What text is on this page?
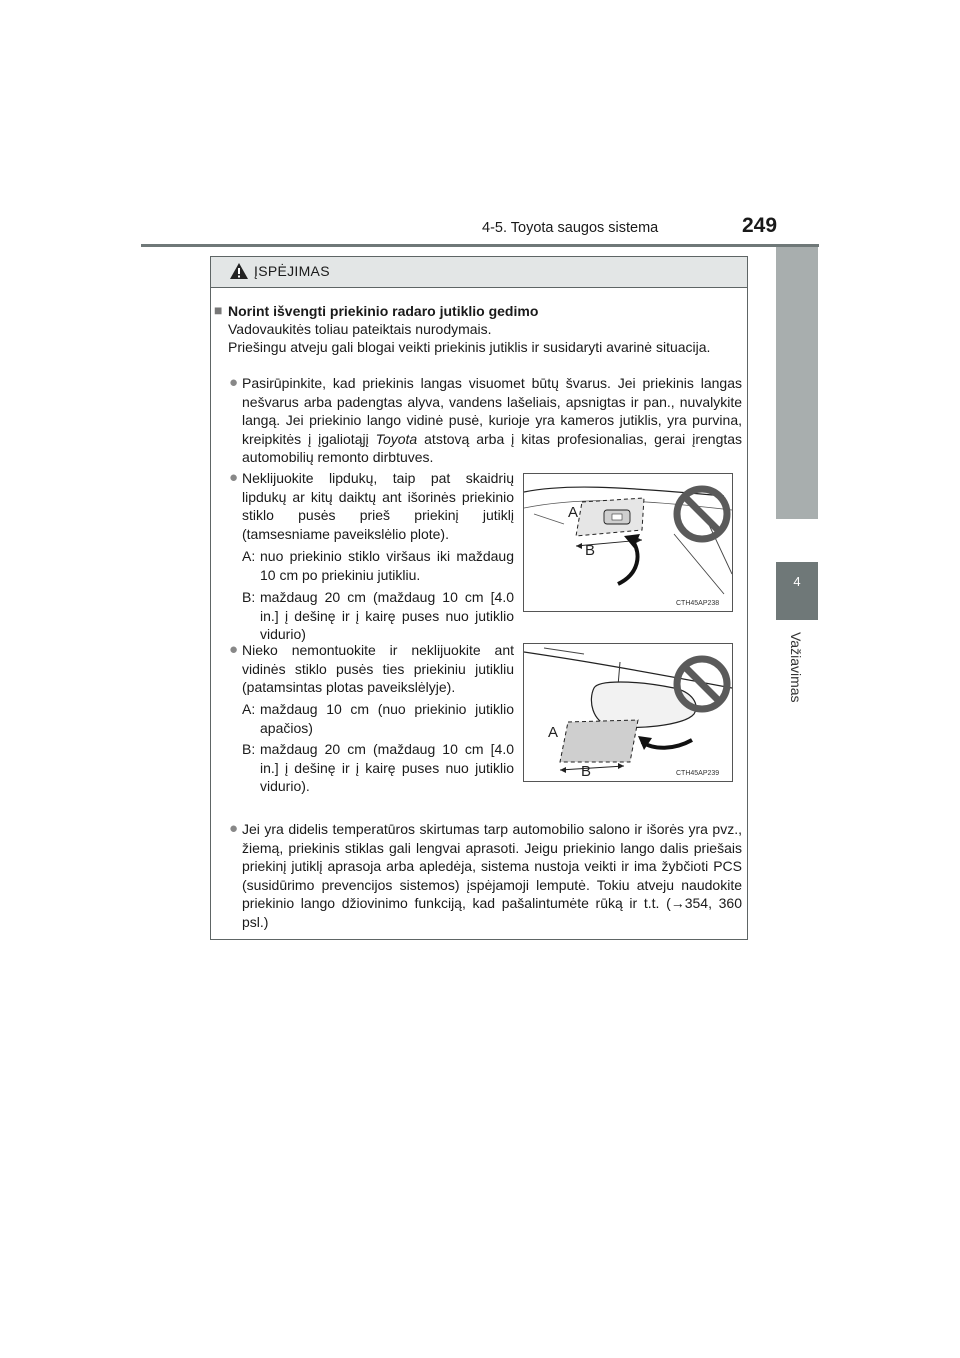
4-5. Toyota saugos sistema	249
4
Važiavimas
ĮSPĖJIMAS
■ Norint išvengti priekinio radaro jutiklio gedimo
Vadovaukitės toliau pateiktais nurodymais.
Priešingu atveju gali blogai veikti priekinis jutiklis ir susidaryti avarinė situacija.
● Pasirūpinkite, kad priekinis langas visuomet būtų švarus. Jei priekinis langas nešvarus arba padengtas alyva, vandens lašeliais, apsnigtas ir pan., nuvalykite langą. Jei priekinio lango vidinė pusė, kurioje yra kameros jutiklis, yra purvina, kreipkitės į įgaliotąjį Toyota atstovą arba į kitas profesionalias, gerai įrengtas automobilių remonto dirbtuves.
● Neklijuokite lipdukų, taip pat skaidrių lipdukų ar kitų daiktų ant išorinės priekinio stiklo pusės prieš priekinį jutiklį (tamsesniame paveikslėlio plote).
A: nuo priekinio stiklo viršaus iki maždaug 10 cm po priekiniu jutikliu.
B: maždaug 20 cm (maždaug 10 cm [4.0 in.] į dešinę ir į kairę puses nuo jutiklio vidurio)
A
B
CTH45AP238
● Nieko nemontuokite ir neklijuokite ant vidinės stiklo pusės ties priekiniu jutikliu (patamsintas plotas paveikslėlyje).
A: maždaug 10 cm (nuo priekinio jutiklio apačios)
B: maždaug 20 cm (maždaug 10 cm [4.0 in.] į dešinę ir į kairę puses nuo jutiklio vidurio).
A
B	CTH45AP239
● Jei yra didelis temperatūros skirtumas tarp automobilio salono ir išorės yra pvz., žiemą, priekinis stiklas gali lengvai aprasoti. Jeigu priekinio lango dalis priešais priekinį jutiklį aprasoja arba apledėja, sistema nustoja veikti ir ima žybčioti PCS (susidūrimo prevencijos sistemos) įspėjamoji lemputė. Tokiu atveju naudokite priekinio lango džiovinimo funkciją, kad pašalintumėte rūką ir t.t. (→354, 360 psl.)
